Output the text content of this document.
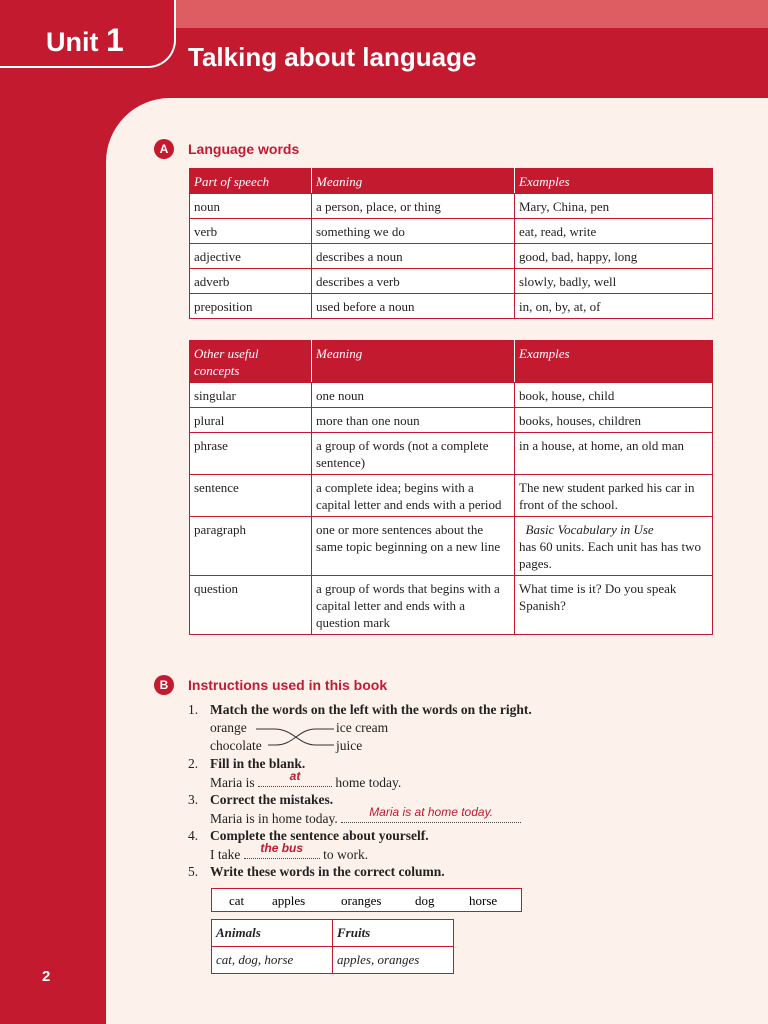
Unit 1 Talking about language
A	Language words
Part of speech	Meaning	Examples
noun	a person, place, or thing	Mary, China, pen
verb	something we do	eat, read, write
adjective	describes a noun	good, bad, happy, long
adverb	describes a verb	slowly, badly, well
preposition	used before a noun	in, on, by, at, of
Other useful concepts	Meaning	Examples
singular	one noun	book, house, child
plural	more than one noun	books, houses, children
phrase	a group of words (not a complete sentence)	in a house, at home, an old man
sentence	a complete idea; begins with a capital letter and ends with a period	The new student parked his car in front of the school.
paragraph	one or more sentences about the same topic beginning on a new line	Basic Vocabulary in Use
has 60 units. Each unit has has two pages.
question	a group of words that begins with a capital letter and ends with a question mark	What time is it? Do you speak Spanish?
B	Instructions used in this book
1. Match the words on the left with the words on the right.
orange
chocolate
ice cream
juice
2. Fill in the blank.
Maria is	at	home today.
3. Correct the mistakes.
Maria is in home today.	Maria is at home today.
4. Complete the sentence about yourself.
I take	the bus	to work.
5. Write these words in the correct column.
cat apples	oranges	dog	horse
Animals	Fruits
cat, dog, horse	apples, oranges
2
